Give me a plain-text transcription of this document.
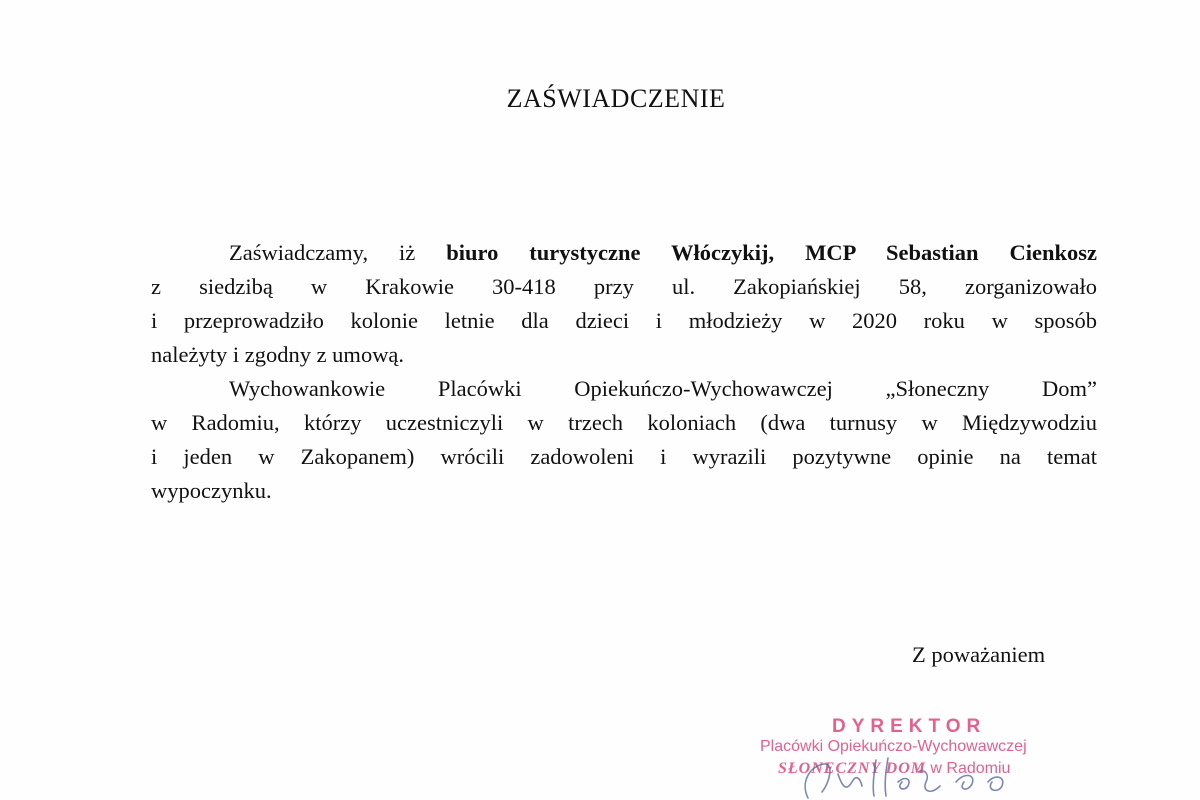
ZAŚWIADCZENIE
Zaświadczamy, iż biuro turystyczne Włóczykij, MCP Sebastian Cienkosz
z siedzibą w Krakowie 30-418 przy ul. Zakopiańskiej 58, zorganizowało
i przeprowadziło kolonie letnie dla dzieci i młodzieży w 2020 roku w sposób
należyty i zgodny z umową.
Wychowankowie Placówki Opiekuńczo-Wychowawczej „Słoneczny Dom”
w Radomiu, którzy uczestniczyli w trzech koloniach (dwa turnusy w Międzywodziu
i jeden w Zakopanem) wrócili zadowoleni i wyrazili pozytywne opinie na temat
wypoczynku.
Z poważaniem
DYREKTOR
Placówki Opiekuńczo-Wychowawczej
SŁONECZNY DOM w Radomiu
